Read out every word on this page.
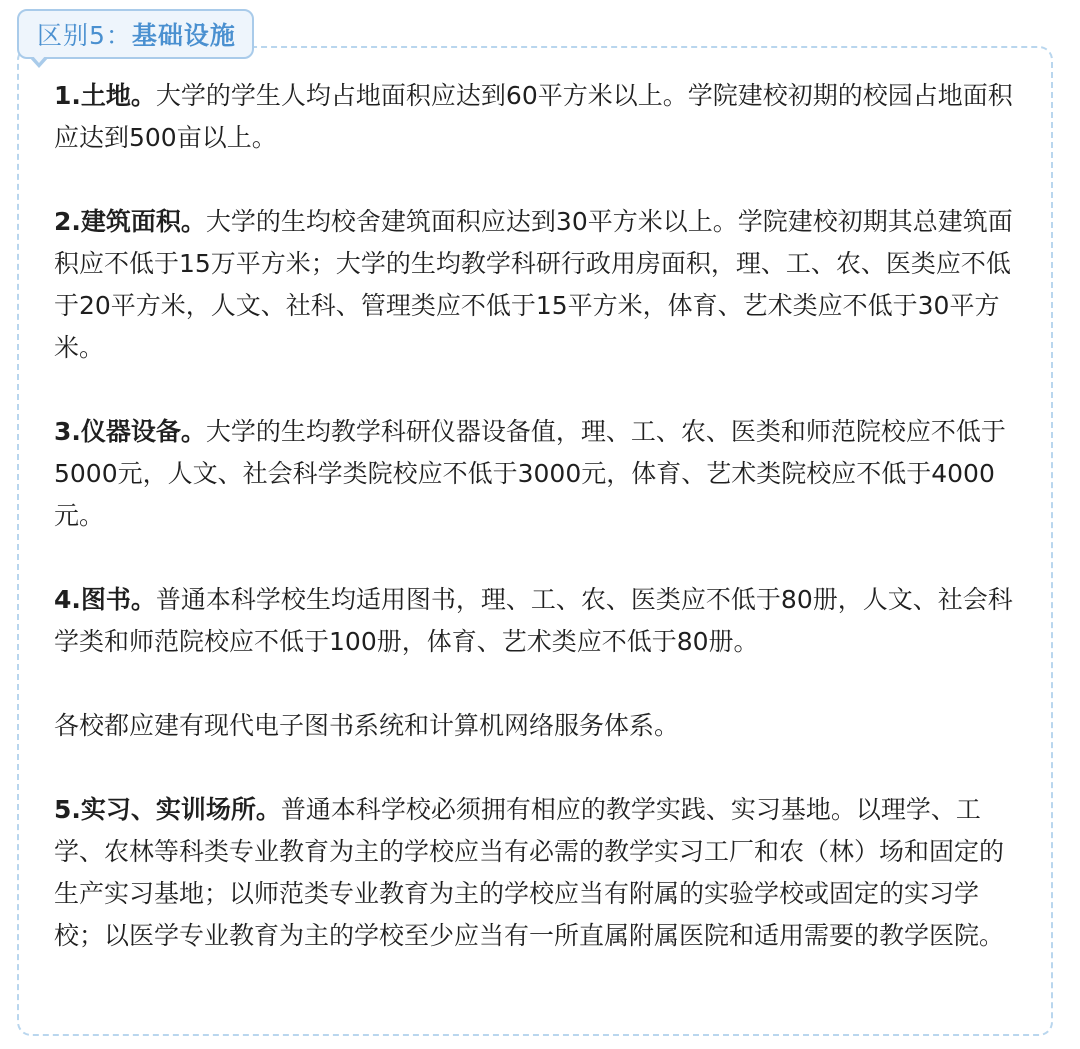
区别5：基础设施

1.土地。大学的学生人均占地面积应达到60平方米以上。学院建校初期的校园占地面积应达到500亩以上。

2.建筑面积。大学的生均校舍建筑面积应达到30平方米以上。学院建校初期其总建筑面积应不低于15万平方米；大学的生均教学科研行政用房面积，理、工、农、医类应不低于20平方米，人文、社科、管理类应不低于15平方米，体育、艺术类应不低于30平方米。

3.仪器设备。大学的生均教学科研仪器设备值，理、工、农、医类和师范院校应不低于5000元，人文、社会科学类院校应不低于3000元，体育、艺术类院校应不低于4000元。

4.图书。普通本科学校生均适用图书，理、工、农、医类应不低于80册，人文、社会科学类和师范院校应不低于100册，体育、艺术类应不低于80册。

各校都应建有现代电子图书系统和计算机网络服务体系。

5.实习、实训场所。普通本科学校必须拥有相应的教学实践、实习基地。以理学、工学、农林等科类专业教育为主的学校应当有必需的教学实习工厂和农（林）场和固定的生产实习基地；以师范类专业教育为主的学校应当有附属的实验学校或固定的实习学校；以医学专业教育为主的学校至少应当有一所直属附属医院和适用需要的教学医院。
